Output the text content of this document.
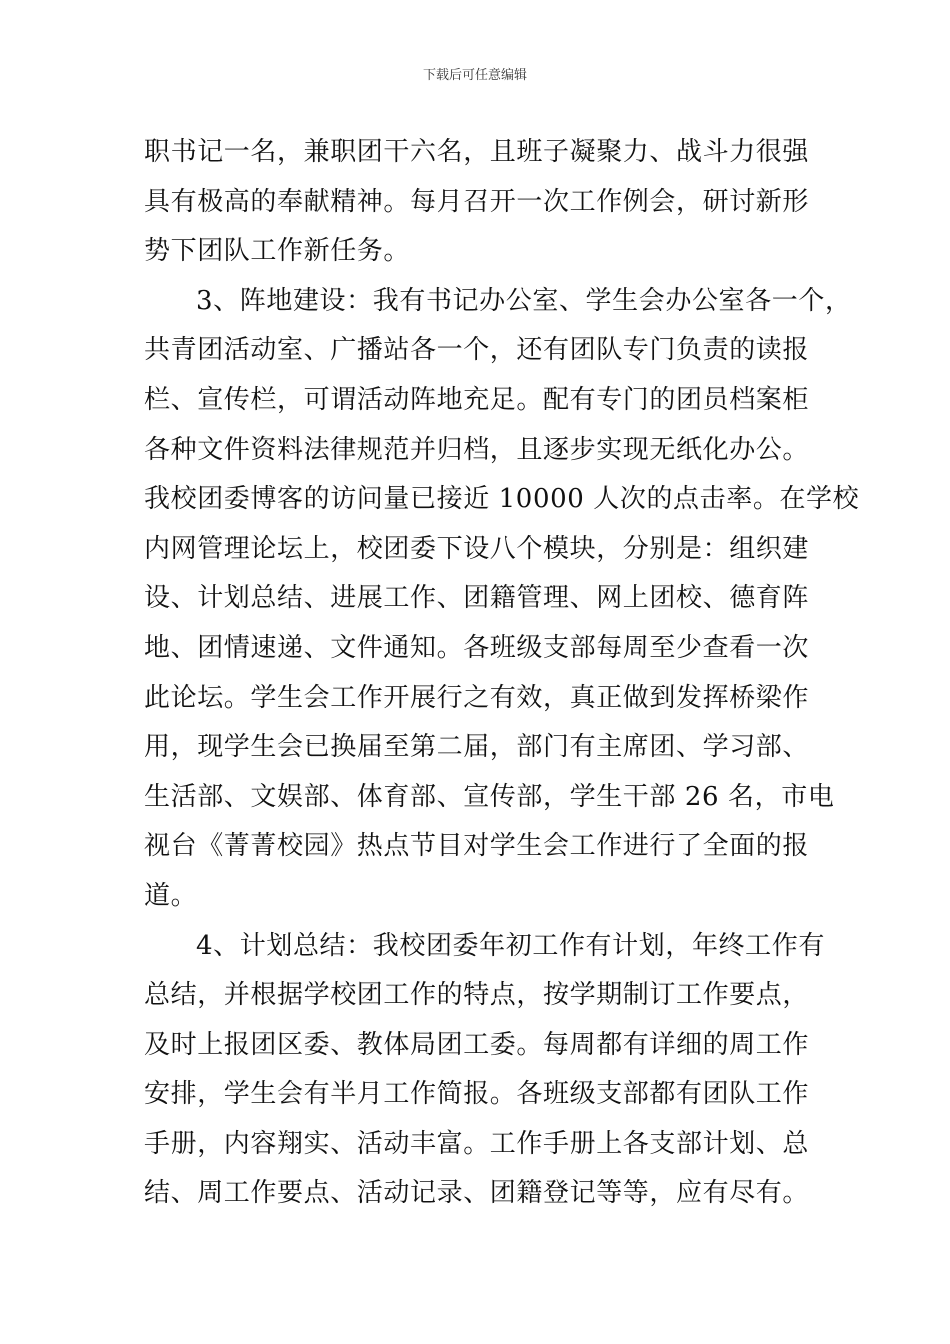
下载后可任意编辑
职书记一名，兼职团干六名，且班子凝聚力、战斗力很强
具有极高的奉献精神。每月召开一次工作例会，研讨新形
势下团队工作新任务。
3、阵地建设：我有书记办公室、学生会办公室各一个，
共青团活动室、广播站各一个，还有团队专门负责的读报
栏、宣传栏，可谓活动阵地充足。配有专门的团员档案柜
各种文件资料法律规范并归档，且逐步实现无纸化办公。
我校团委博客的访问量已接近 10000 人次的点击率。在学校
内网管理论坛上，校团委下设八个模块，分别是：组织建
设、计划总结、进展工作、团籍管理、网上团校、德育阵
地、团情速递、文件通知。各班级支部每周至少查看一次
此论坛。学生会工作开展行之有效，真正做到发挥桥梁作
用，现学生会已换届至第二届，部门有主席团、学习部、
生活部、文娱部、体育部、宣传部，学生干部 26 名，市电
视台《菁菁校园》热点节目对学生会工作进行了全面的报
道。
4、计划总结：我校团委年初工作有计划，年终工作有
总结，并根据学校团工作的特点，按学期制订工作要点，
及时上报团区委、教体局团工委。每周都有详细的周工作
安排，学生会有半月工作简报。各班级支部都有团队工作
手册，内容翔实、活动丰富。工作手册上各支部计划、总
结、周工作要点、活动记录、团籍登记等等，应有尽有。
